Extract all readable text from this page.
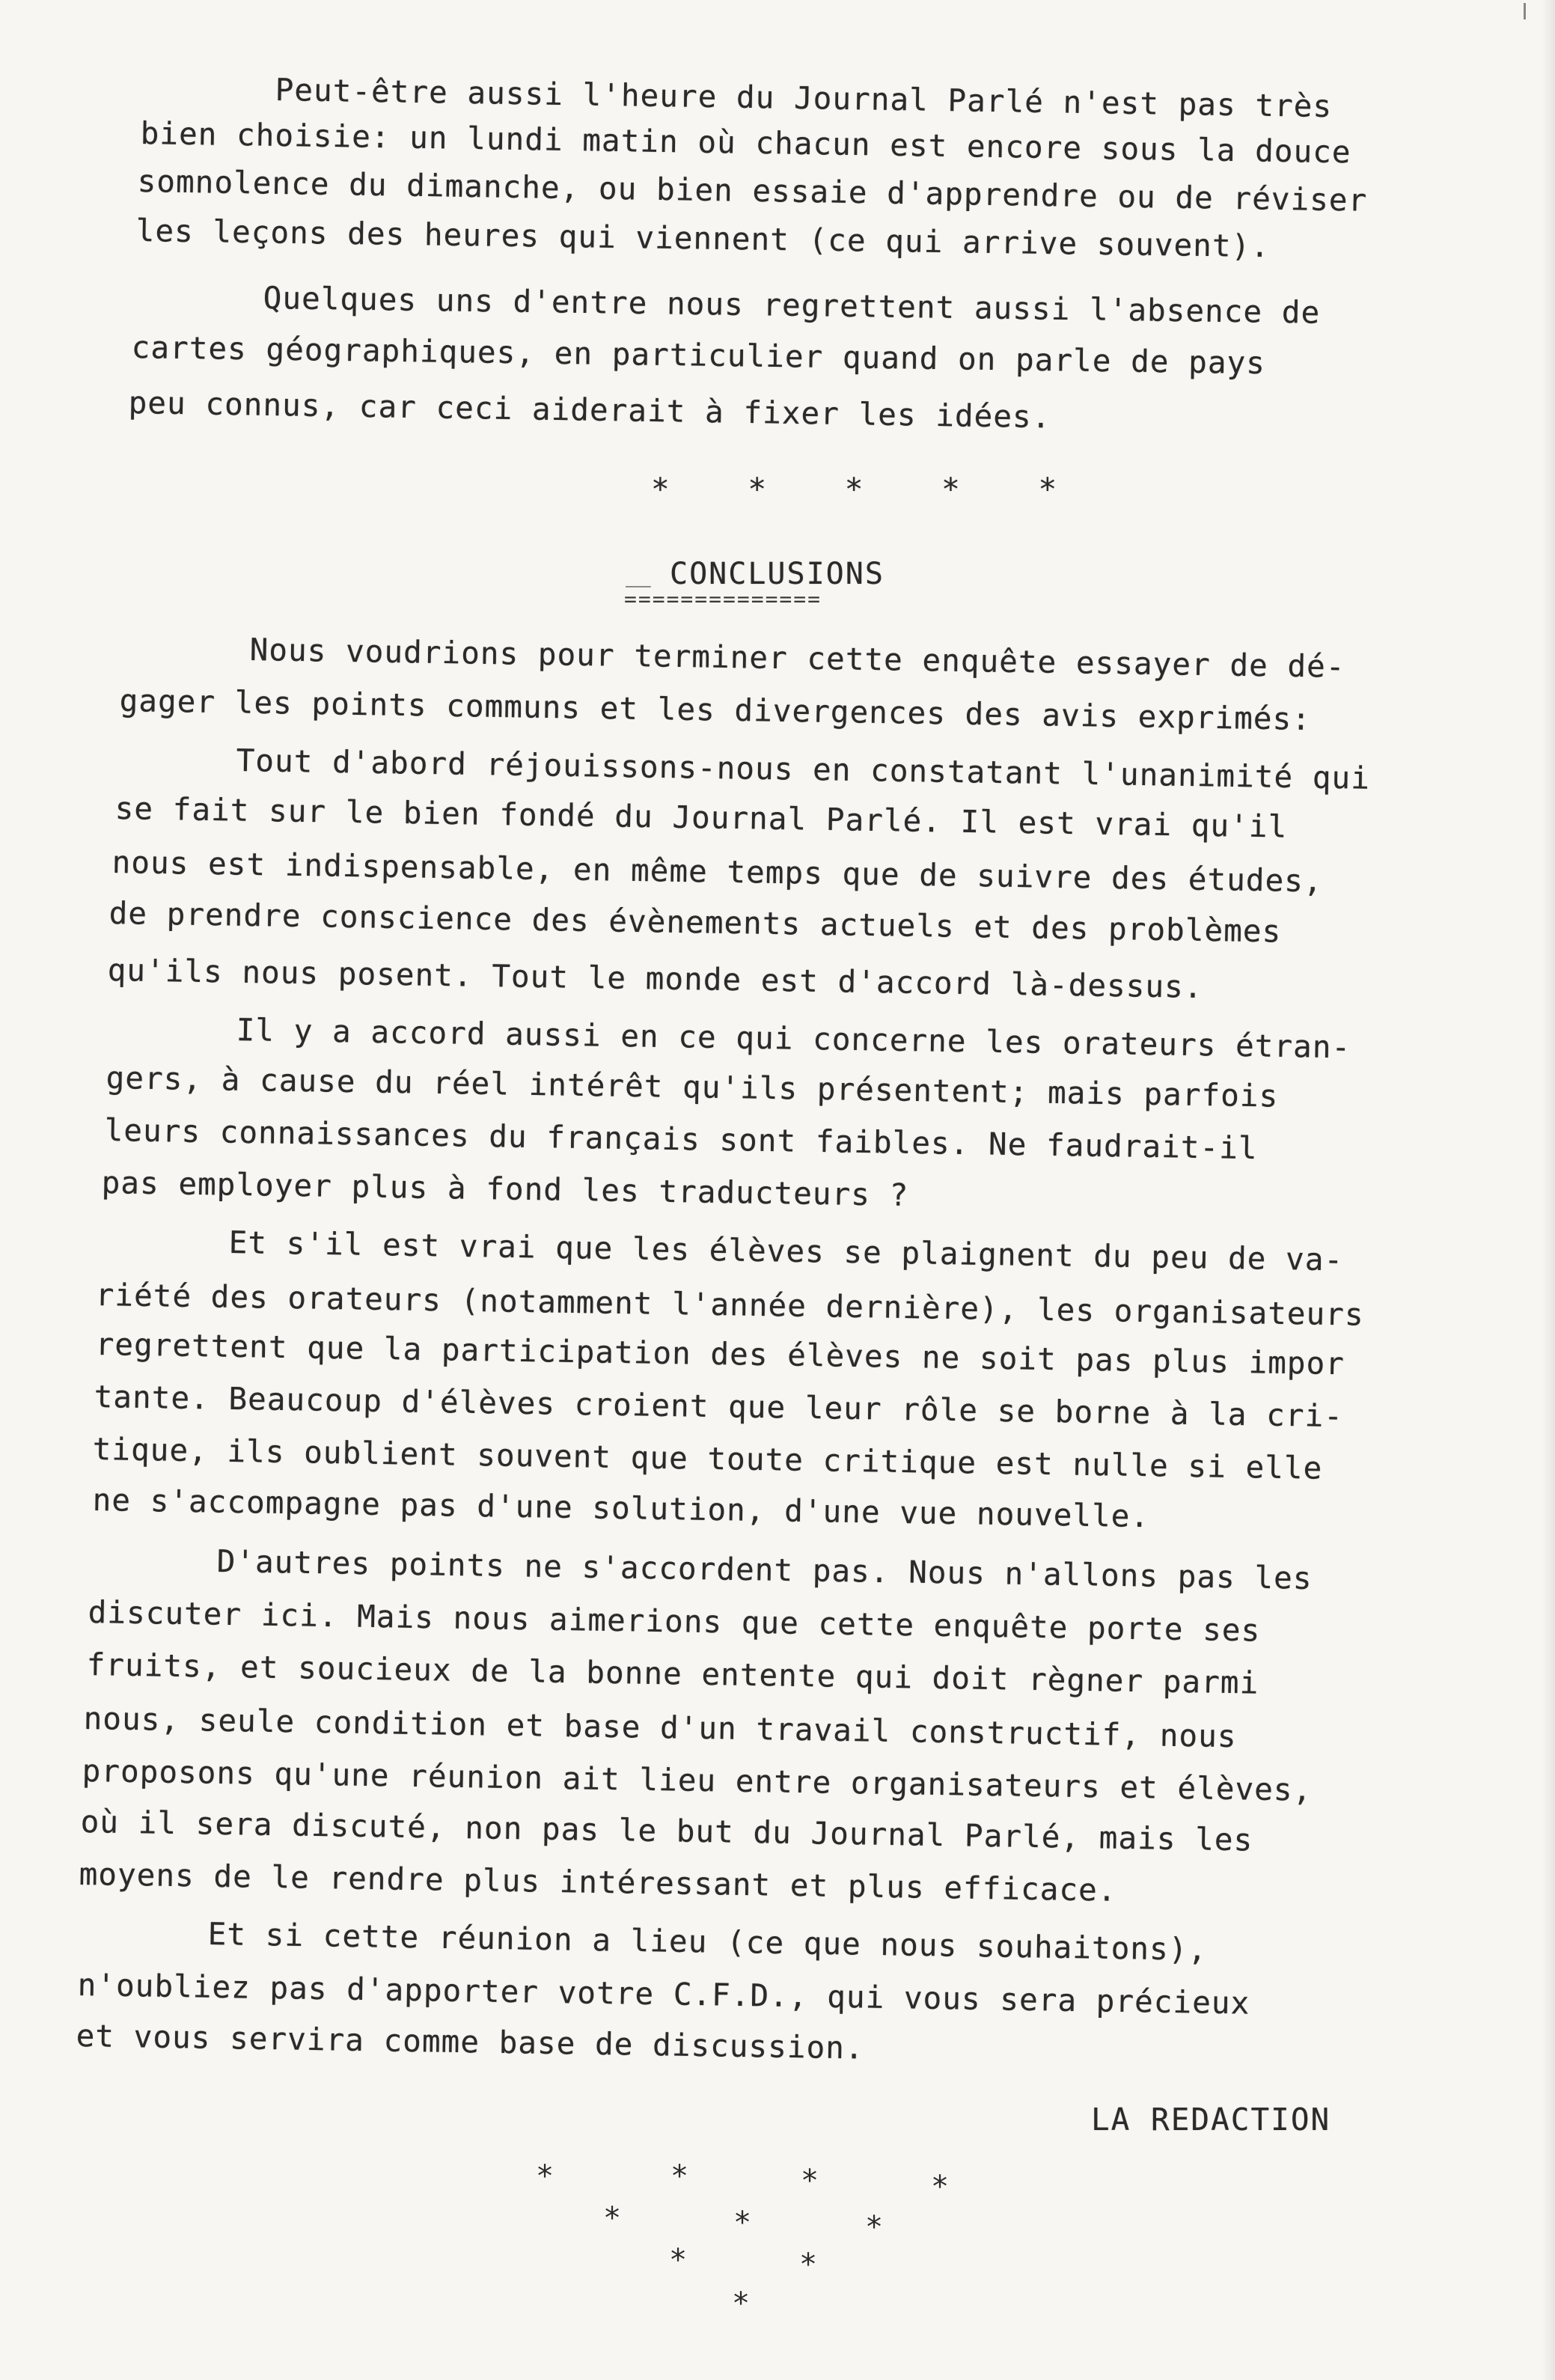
Peut-être aussi l'heure du Journal Parlé n'est pas très
bien choisie: un lundi matin où chacun est encore sous la douce
somnolence du dimanche, ou bien essaie d'apprendre ou de réviser
les leçons des heures qui viennent (ce qui arrive souvent).
Quelques uns d'entre nous regrettent aussi l'absence de
cartes géographiques, en particulier quand on parle de pays
peu connus, car ceci aiderait à fixer les idées.
* * * * *
CONCLUSIONS
==============
__
Nous voudrions pour terminer cette enquête essayer de dé-
gager les points communs et les divergences des avis exprimés:
Tout d'abord réjouissons-nous en constatant l'unanimité qui
se fait sur le bien fondé du Journal Parlé. Il est vrai qu'il
nous est indispensable, en même temps que de suivre des études,
de prendre conscience des évènements actuels et des problèmes
qu'ils nous posent. Tout le monde est d'accord là-dessus.
Il y a accord aussi en ce qui concerne les orateurs étran-
gers, à cause du réel intérêt qu'ils présentent; mais parfois
leurs connaissances du français sont faibles. Ne faudrait-il
pas employer plus à fond les traducteurs ?
Et s'il est vrai que les élèves se plaignent du peu de va-
riété des orateurs (notamment l'année dernière), les organisateurs
regrettent que la participation des élèves ne soit pas plus impor
tante. Beaucoup d'élèves croient que leur rôle se borne à la cri-
tique, ils oublient souvent que toute critique est nulle si elle
ne s'accompagne pas d'une solution, d'une vue nouvelle.
D'autres points ne s'accordent pas. Nous n'allons pas les
discuter ici. Mais nous aimerions que cette enquête porte ses
fruits, et soucieux de la bonne entente qui doit règner parmi
nous, seule condition et base d'un travail constructif, nous
proposons qu'une réunion ait lieu entre organisateurs et élèves,
où il sera discuté, non pas le but du Journal Parlé, mais les
moyens de le rendre plus intéressant et plus efficace.
Et si cette réunion a lieu (ce que nous souhaitons),
n'oubliez pas d'apporter votre C.F.D., qui vous sera précieux
et vous servira comme base de discussion.
LA REDACTION
*	*	*	*
*	*	*
*	*
*
